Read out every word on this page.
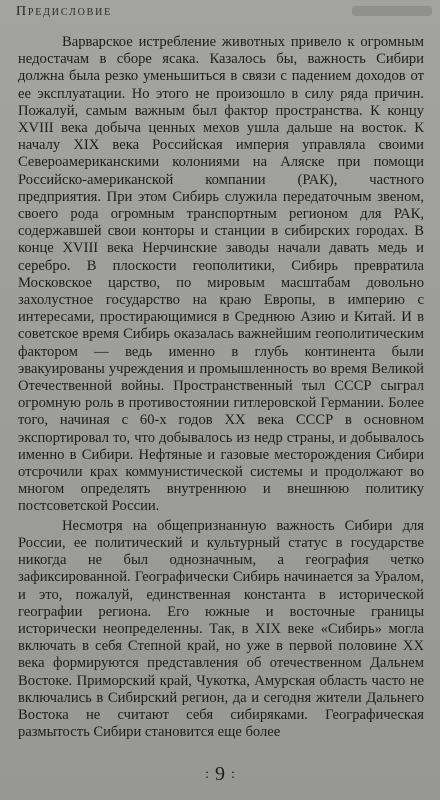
Предисловие

Варварское истребление животных привело к огромным недостачам в сборе ясака. Казалось бы, важность Сибири должна была резко уменьшиться в связи с падением доходов от ее эксплуатации. Но этого не произошло в силу ряда причин. Пожалуй, самым важным был фактор пространства. К концу XVIII века добыча ценных мехов ушла дальше на восток. К началу XIX века Российская империя управляла своими Североамериканскими колониями на Аляске при помощи Российско-американской компании (РАК), частного предприятия. При этом Сибирь служила передаточным звеном, своего рода огромным транспортным регионом для РАК, содержавшей свои конторы и станции в сибирских городах. В конце XVIII века Нерчинские заводы начали давать медь и серебро. В плоскости геополитики, Сибирь превратила Московское царство, по мировым масштабам довольно захолустное государство на краю Европы, в империю с интересами, простирающимися в Среднюю Азию и Китай. И в советское время Сибирь оказалась важнейшим геополитическим фактором — ведь именно в глубь континента были эвакуированы учреждения и промышленность во время Великой Отечественной войны. Пространственный тыл СССР сыграл огромную роль в противостоянии гитлеровской Германии. Более того, начиная с 60-х годов XX века СССР в основном экспортировал то, что добывалось из недр страны, и добывалось именно в Сибири. Нефтяные и газовые месторождения Сибири отсрочили крах коммунистической системы и продолжают во многом определять внутреннюю и внешнюю политику постсоветской России.

Несмотря на общепризнанную важность Сибири для России, ее политический и культурный статус в государстве никогда не был однозначным, а география четко зафиксированной. Географически Сибирь начинается за Уралом, и это, пожалуй, единственная константа в исторической географии региона. Его южные и восточные границы исторически неопределенны. Так, в XIX веке «Сибирь» могла включать в себя Степной край, но уже в первой половине XX века формируются представления об отечественном Дальнем Востоке. Приморский край, Чукотка, Амурская область часто не включались в Сибирский регион, да и сегодня жители Дальнего Востока не считают себя сибиряками. Географическая размытость Сибири становится еще более

: 9 :
